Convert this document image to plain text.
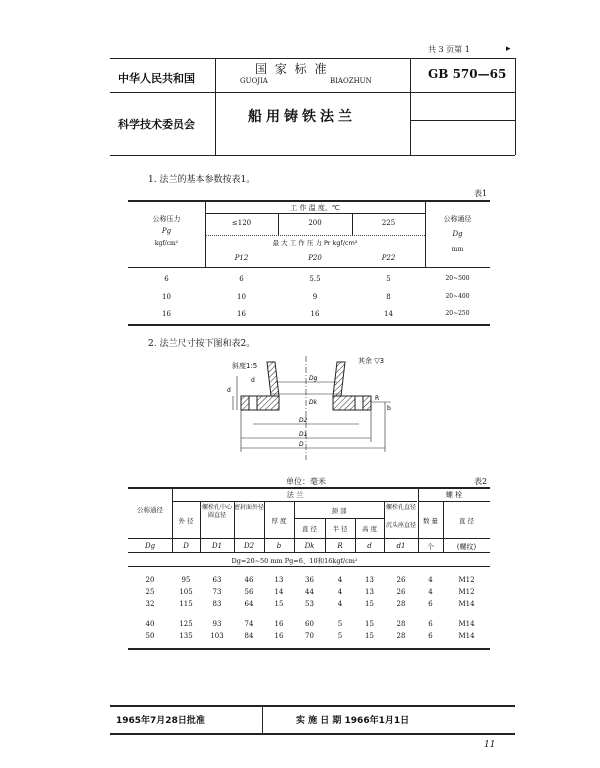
共 3 页第 1	▸
中华人民共和国
科学技术委员会
国 家 标 准
GUOJIA	BIAOZHUN
船用铸铁法兰
GB 570—65
1. 法兰的基本参数按表1。
表1
公称压力
Pg
kgf/cm²
工 作 温 度，℃
≤120	200	225
最 大 工 作 压 力 Pr kgf/cm²
P12	P20	P22
公称通径
Dg
mm
6	6	5.5	5	20~500
10	10	9	8	20~400
16	16	16	14	20~250
2. 法兰尺寸按下图和表2。
d
d
Dg
Dk
D2
D1
D
R
b
斜度1:5
其余 ▽3
单位：毫米	表2
公称通径
法 兰	螺 栓
外 径
螺栓孔中心圆直径
密封面外径
厚 度
颈 部
直 径	半 径	高 度
螺栓孔直径
沉头座直径
数 量	直 径
Dg	D	D1	D2	b	Dk	R	d	d1	个	(螺纹)
Dg=20~50 mm Pg=6、10和16kgf/cm²
20	95	63	46	13	36	4	13	26	4	M12
25	105	73	56	14	44	4	13	26	4	M12
32	115	83	64	15	53	4	15	28	6	M14
40	125	93	74	16	60	5	15	28	6	M14
50	135	103	84	16	70	5	15	28	6	M14
1965年7月28日批准	实 施 日 期 1966年1月1日
11
